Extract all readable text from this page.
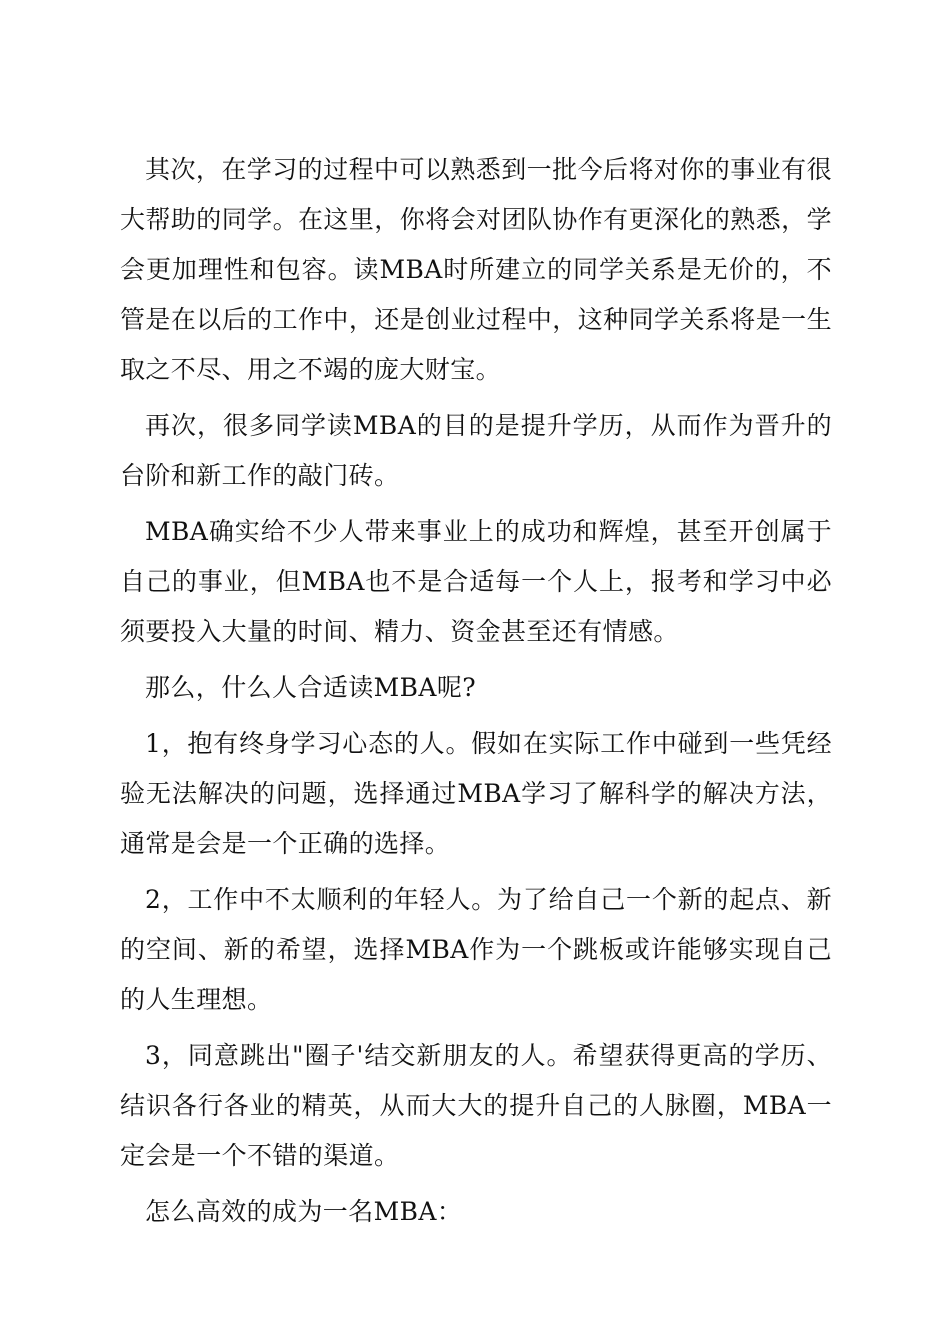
其次，在学习的过程中可以熟悉到一批今后将对你的事业有很大帮助的同学。在这里，你将会对团队协作有更深化的熟悉，学会更加理性和包容。读MBA时所建立的同学关系是无价的，不管是在以后的工作中，还是创业过程中，这种同学关系将是一生取之不尽、用之不竭的庞大财宝。

再次，很多同学读MBA的目的是提升学历，从而作为晋升的台阶和新工作的敲门砖。

MBA确实给不少人带来事业上的成功和辉煌，甚至开创属于自己的事业，但MBA也不是合适每一个人上，报考和学习中必须要投入大量的时间、精力、资金甚至还有情感。

那么，什么人合适读MBA呢?

1，抱有终身学习心态的人。假如在实际工作中碰到一些凭经验无法解决的问题，选择通过MBA学习了解科学的解决方法，通常是会是一个正确的选择。

2，工作中不太顺利的年轻人。为了给自己一个新的起点、新的空间、新的希望，选择MBA作为一个跳板或许能够实现自己的人生理想。

3，同意跳出"圈子'结交新朋友的人。希望获得更高的学历、结识各行各业的精英，从而大大的提升自己的人脉圈，MBA一定会是一个不错的渠道。

怎么高效的成为一名MBA：
